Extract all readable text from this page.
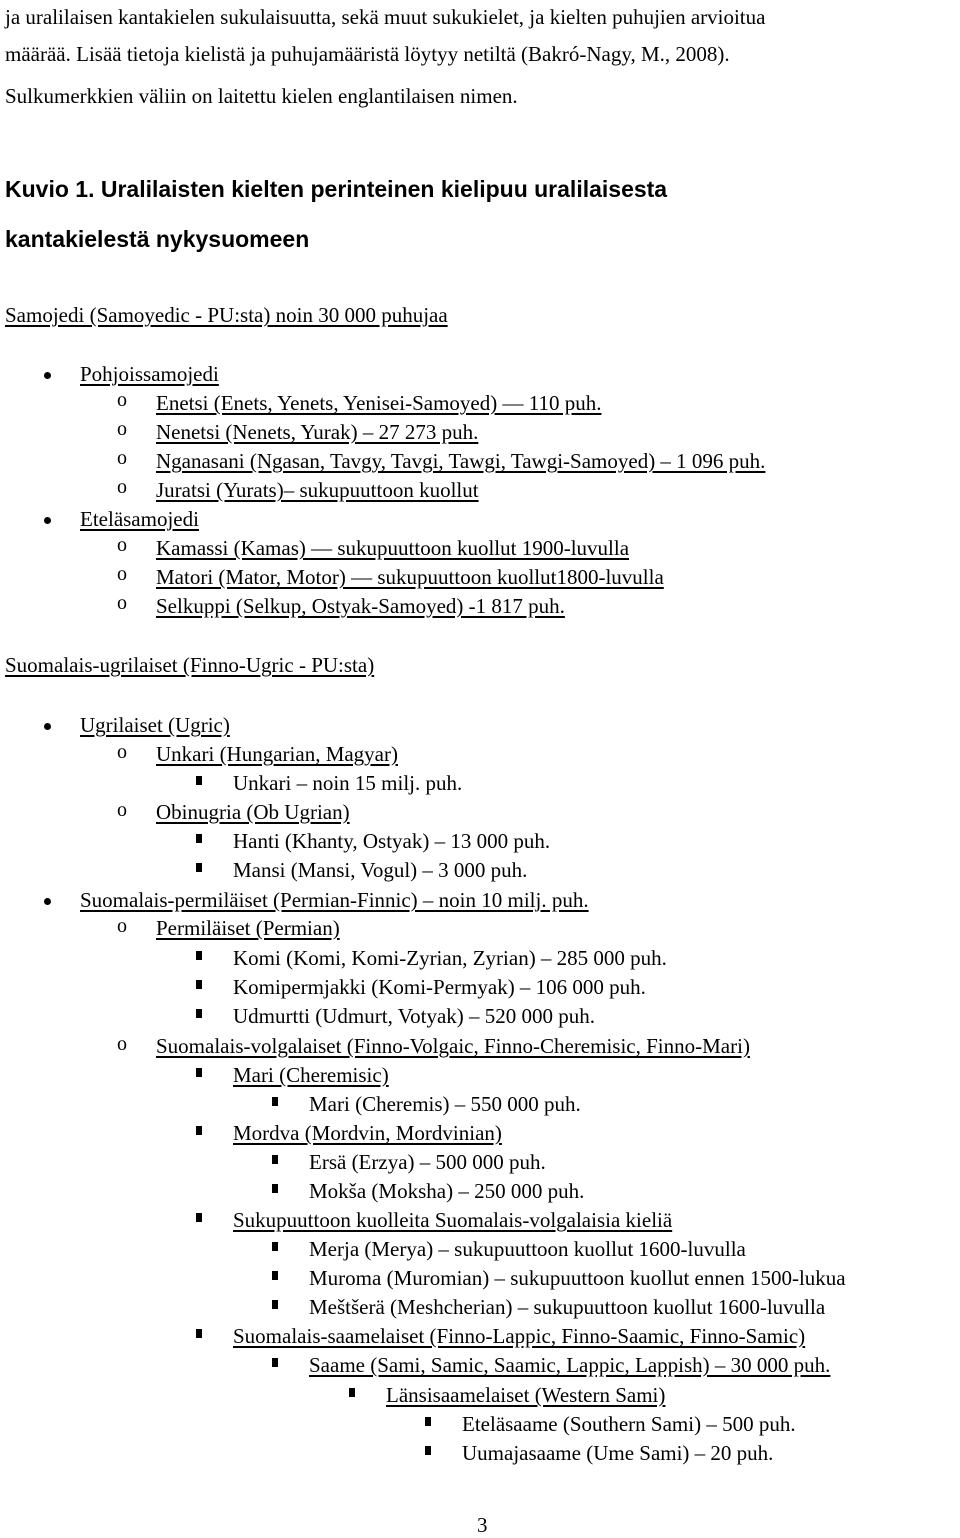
ja uralilaisen kantakielen sukulaisuutta, sekä muut sukukielet, ja kielten puhujien arvioitua
määrää. Lisää tietoja kielistä ja puhujamääristä löytyy netiltä (Bakró-Nagy, M., 2008).
Sulkumerkkien väliin on laitettu kielen englantilaisen nimen.
Kuvio 1. Uralilaisten kielten perinteinen kielipuu uralilaisesta
kantakielestä nykysuomeen
Samojedi (Samoyedic - PU:sta) noin 30 000 puhujaa
Pohjoissamojedi
o Enetsi (Enets, Yenets, Yenisei-Samoyed) — 110 puh.
o Nenetsi (Nenets, Yurak) – 27 273 puh.
o Nganasani (Ngasan, Tavgy, Tavgi, Tawgi, Tawgi-Samoyed) – 1 096 puh.
o Juratsi (Yurats)– sukupuuttoon kuollut
Eteläsamojedi
o Kamassi (Kamas) — sukupuuttoon kuollut 1900-luvulla
o Matori (Mator, Motor) — sukupuuttoon kuollut1800-luvulla
o Selkuppi (Selkup, Ostyak-Samoyed) -1 817 puh.
Suomalais-ugrilaiset (Finno-Ugric - PU:sta)
Ugrilaiset (Ugric)
o Unkari (Hungarian, Magyar)
Unkari – noin 15 milj. puh.
o Obinugria (Ob Ugrian)
Hanti (Khanty, Ostyak) – 13 000 puh.
Mansi (Mansi, Vogul) – 3 000 puh.
Suomalais-permiläiset (Permian-Finnic) – noin 10 milj. puh.
o Permiläiset (Permian)
Komi (Komi, Komi-Zyrian, Zyrian) – 285 000 puh.
Komipermjakki (Komi-Permyak) – 106 000 puh.
Udmurtti (Udmurt, Votyak) – 520 000 puh.
o Suomalais-volgalaiset (Finno-Volgaic, Finno-Cheremisic, Finno-Mari)
Mari (Cheremisic)
Mari (Cheremis) – 550 000 puh.
Mordva (Mordvin, Mordvinian)
Ersä (Erzya) – 500 000 puh.
Mokša (Moksha) – 250 000 puh.
Sukupuuttoon kuolleita Suomalais-volgalaisia kieliä
Merja (Merya) – sukupuuttoon kuollut 1600-luvulla
Muroma (Muromian) – sukupuuttoon kuollut ennen 1500-lukua
Meštšerä (Meshcherian) – sukupuuttoon kuollut 1600-luvulla
Suomalais-saamelaiset (Finno-Lappic, Finno-Saamic, Finno-Samic)
Saame (Sami, Samic, Saamic, Lappic, Lappish) – 30 000 puh.
Länsisaamelaiset (Western Sami)
Eteläsaame (Southern Sami) – 500 puh.
Uumajasaame (Ume Sami) – 20 puh.
3
